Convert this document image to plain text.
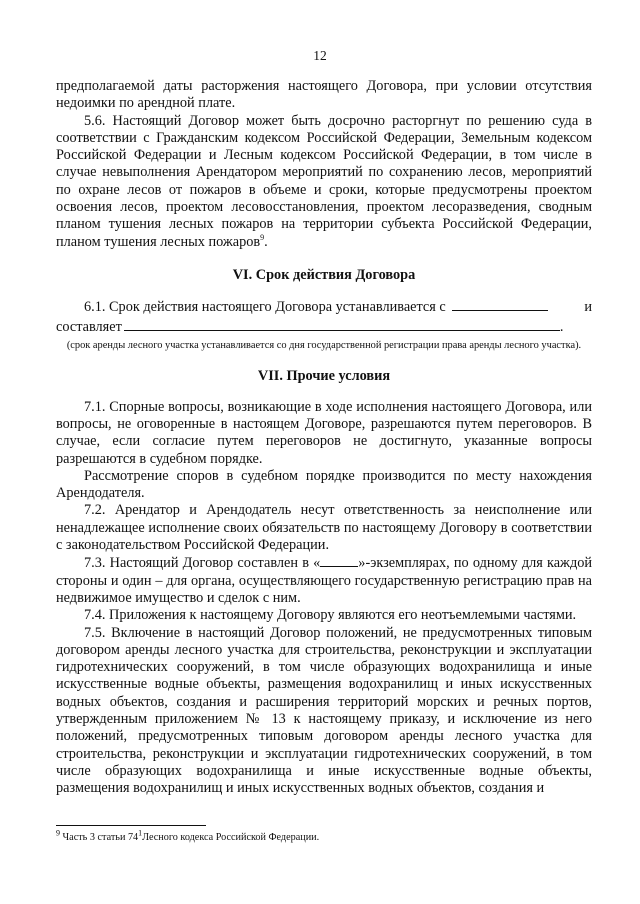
12

предполагаемой даты расторжения настоящего Договора, при условии отсутствия недоимки по арендной плате.

5.6. Настоящий Договор может быть досрочно расторгнут по решению суда в соответствии с Гражданским кодексом Российской Федерации, Земельным кодексом Российской Федерации и Лесным кодексом Российской Федерации, в том числе в случае невыполнения Арендатором мероприятий по сохранению лесов, мероприятий по охране лесов от пожаров в объеме и сроки, которые предусмотрены проектом освоения лесов, проектом лесовосстановления, проектом лесоразведения, сводным планом тушения лесных пожаров на территории субъекта Российской Федерации, планом тушения лесных пожаров$^9$.

VI. Срок действия Договора
6.1. Срок действия настоящего Договора устанавливается с	и
составляет	.

(срок аренды лесного участка устанавливается со дня государственной регистрации права аренды лесного участка).

VII. Прочие условия

7.1. Спорные вопросы, возникающие в ходе исполнения настоящего Договора, или вопросы, не оговоренные в настоящем Договоре, разрешаются путем переговоров. В случае, если согласие путем переговоров не достигнуто, указанные вопросы разрешаются в судебном порядке.

Рассмотрение споров в судебном порядке производится по месту нахождения Арендодателя.

7.2. Арендатор и Арендодатель несут ответственность за неисполнение или ненадлежащее исполнение своих обязательств по настоящему Договору в соответствии с законодательством Российской Федерации.

7.3. Настоящий Договор составлен в «	»-экземплярах, по одному для каждой стороны и один – для органа, осуществляющего государственную регистрацию прав на недвижимое имущество и сделок с ним.

7.4. Приложения к настоящему Договору являются его неотъемлемыми частями.

7.5. Включение в настоящий Договор положений, не предусмотренных типовым договором аренды лесного участка для строительства, реконструкции и эксплуатации гидротехнических сооружений, в том числе образующих водохранилища и иные искусственные водные объекты, размещения водохранилищ и иных искусственных водных объектов, создания и расширения территорий морских и речных портов, утвержденным приложением № 13 к настоящему приказу, и исключение из него положений, предусмотренных типовым договором аренды лесного участка для строительства, реконструкции и эксплуатации гидротехнических сооружений, в том числе образующих водохранилища и иные искусственные водные объекты, размещения водохранилищ и иных искусственных водных объектов, создания и

$^9$ Часть 3 статьи $74^1Лесного$ кодекса Российской Федерации.
